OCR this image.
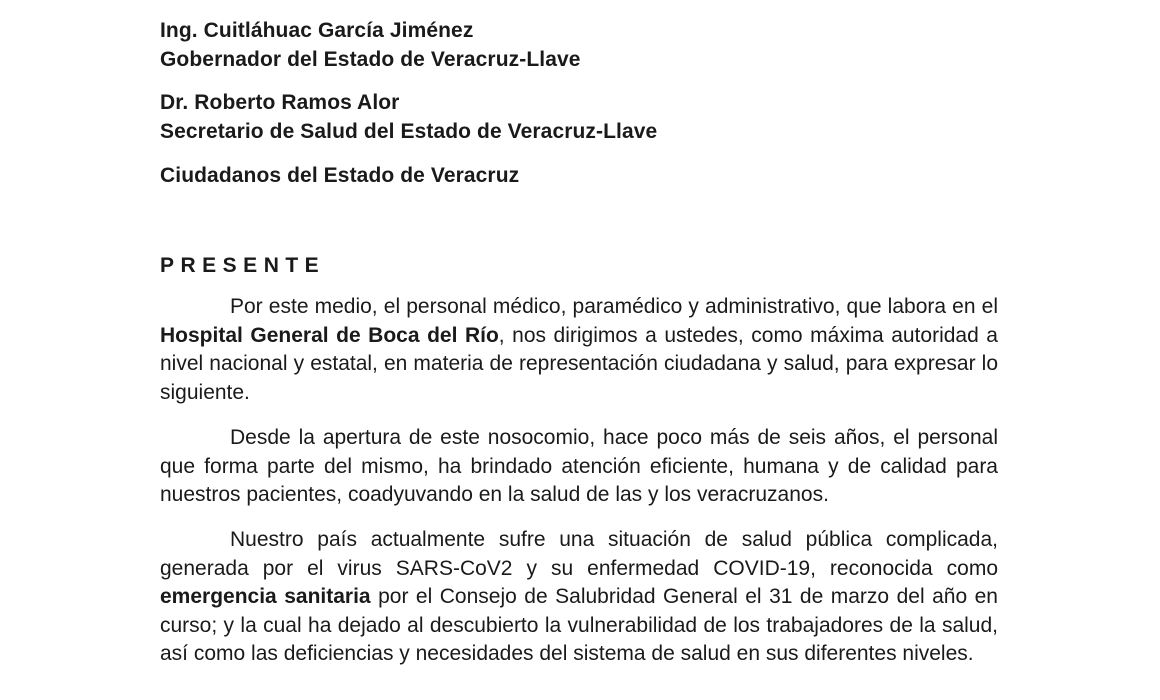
Ing. Cuitláhuac García Jiménez
Gobernador del Estado de Veracruz-Llave
Dr. Roberto Ramos Alor
Secretario de Salud del Estado de Veracruz-Llave
Ciudadanos del Estado de Veracruz
PRESENTE

Por este medio, el personal médico, paramédico y administrativo, que labora en el Hospital General de Boca del Río, nos dirigimos a ustedes, como máxima autoridad a nivel nacional y estatal, en materia de representación ciudadana y salud, para expresar lo siguiente.

Desde la apertura de este nosocomio, hace poco más de seis años, el personal que forma parte del mismo, ha brindado atención eficiente, humana y de calidad para nuestros pacientes, coadyuvando en la salud de las y los veracruzanos.

Nuestro país actualmente sufre una situación de salud pública complicada, generada por el virus SARS-CoV2 y su enfermedad COVID-19, reconocida como emergencia sanitaria por el Consejo de Salubridad General el 31 de marzo del año en curso; y la cual ha dejado al descubierto la vulnerabilidad de los trabajadores de la salud, así como las deficiencias y necesidades del sistema de salud en sus diferentes niveles.
